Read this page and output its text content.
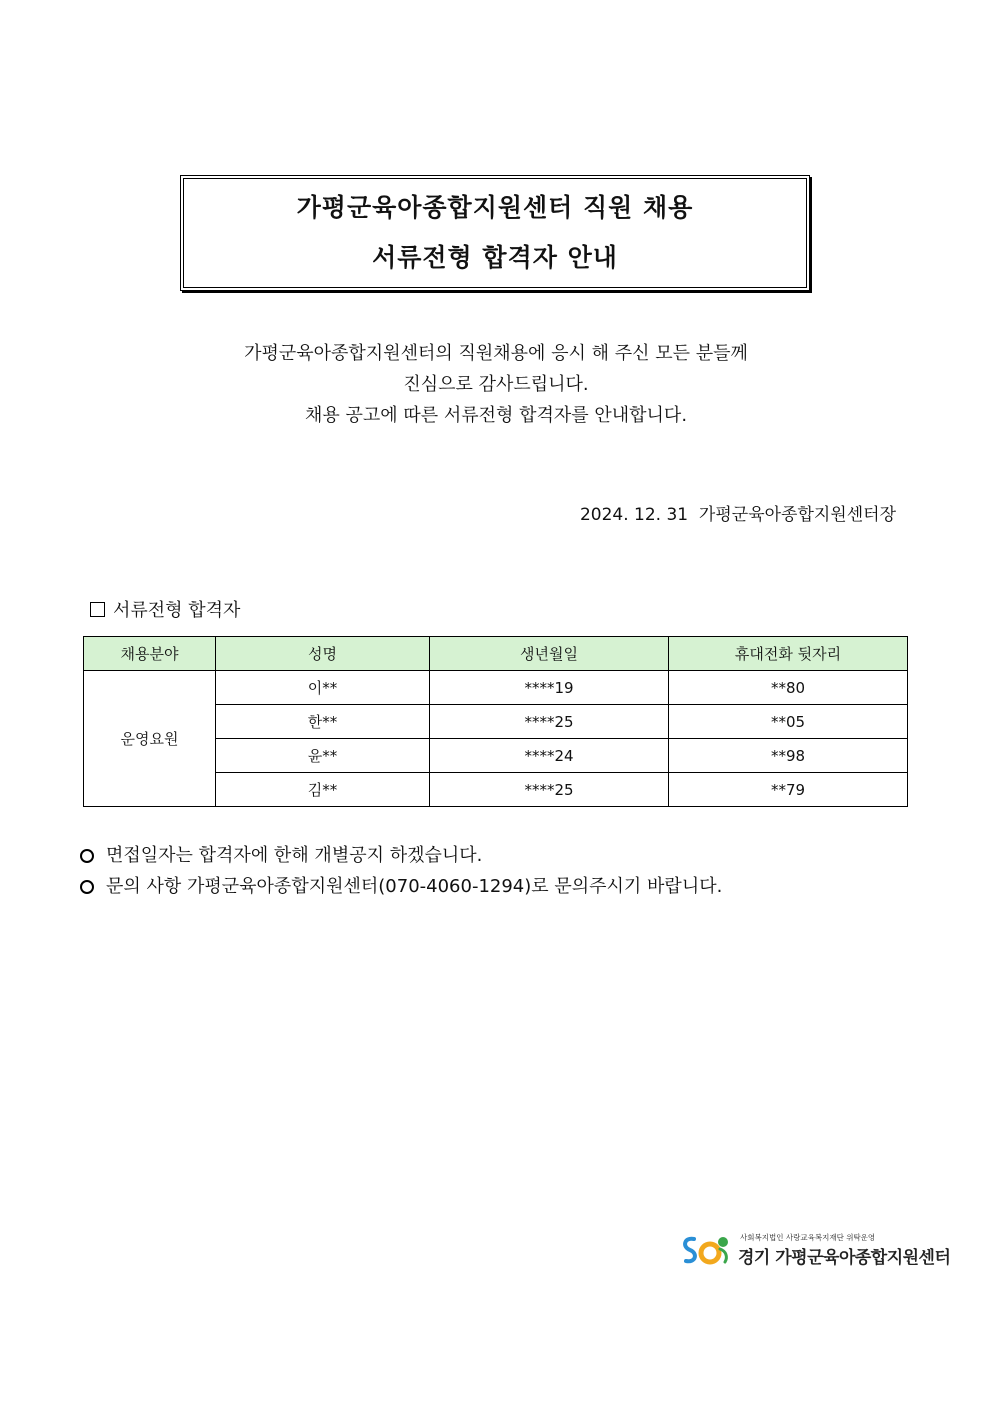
가평군육아종합지원센터 직원 채용
서류전형 합격자 안내
가평군육아종합지원센터의 직원채용에 응시 해 주신 모든 분들께
진심으로 감사드립니다.
채용 공고에 따른 서류전형 합격자를 안내합니다.
2024. 12. 31 가평군육아종합지원센터장
서류전형 합격자
채용분야	성명	생년월일	휴대전화 뒷자리
운영요원	이**	****19	**80
	한**	****25	**05
	윤**	****24	**98
	김**	****25	**79
면접일자는 합격자에 한해 개별공지 하겠습니다.
문의 사항 가평군육아종합지원센터(070-4060-1294)로 문의주시기 바랍니다.
사회복지법인 사랑교육복지재단 위탁운영
경기 가평군육아종합지원센터
